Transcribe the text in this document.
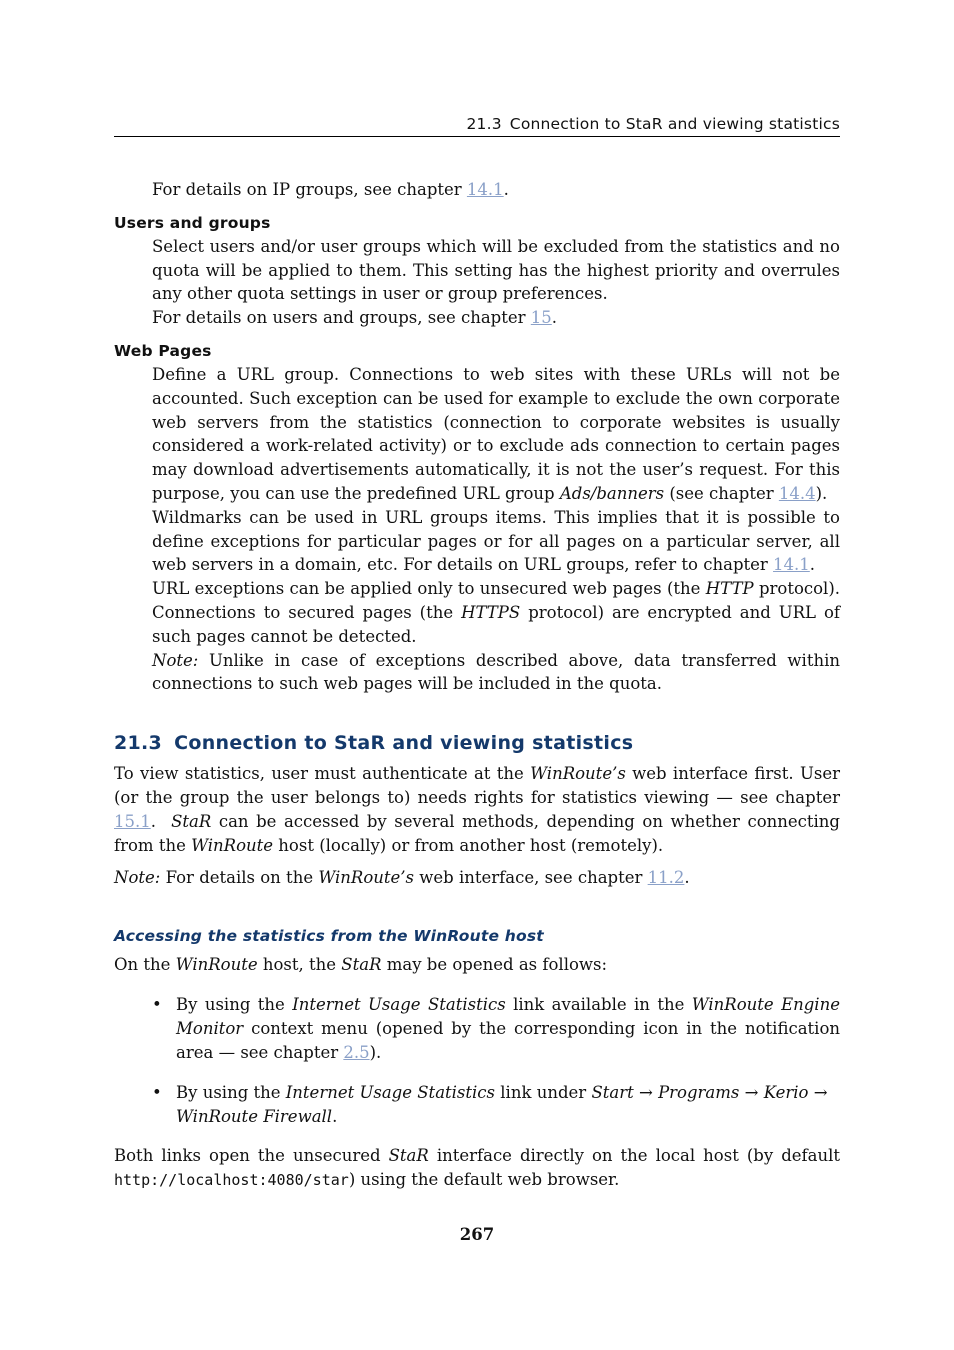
21.3 Connection to StaR and viewing statistics

For details on IP groups, see chapter 14.1.

Users and groups

Select users and/or user groups which will be excluded from the statistics and no quota will be applied to them. This setting has the highest priority and overrules any other quota settings in user or group preferences.

For details on users and groups, see chapter 15.

Web Pages

Define a URL group. Connections to web sites with these URLs will not be accounted. Such exception can be used for example to exclude the own corporate web servers from the statistics (connection to corporate websites is usually considered a work-related activity) or to exclude ads connection to certain pages may download advertisements automatically, it is not the user’s request. For this purpose, you can use the predefined URL group Ads/banners (see chapter 14.4).

Wildmarks can be used in URL groups items. This implies that it is possible to define exceptions for particular pages or for all pages on a particular server, all web servers in a domain, etc. For details on URL groups, refer to chapter 14.1.

URL exceptions can be applied only to unsecured web pages (the HTTP protocol). Connections to secured pages (the HTTPS protocol) are encrypted and URL of such pages cannot be detected.

Note: Unlike in case of exceptions described above, data transferred within connections to such web pages will be included in the quota.

21.3 Connection to StaR and viewing statistics

To view statistics, user must authenticate at the WinRoute’s web interface first. User (or the group the user belongs to) needs rights for statistics viewing — see chapter 15.1. StaR can be accessed by several methods, depending on whether connecting from the WinRoute host (locally) or from another host (remotely).

Note: For details on the WinRoute’s web interface, see chapter 11.2.

Accessing the statistics from the WinRoute host

On the WinRoute host, the StaR may be opened as follows:

• By using the Internet Usage Statistics link available in the WinRoute Engine Monitor context menu (opened by the corresponding icon in the notification area — see chapter 2.5).

• By using the Internet Usage Statistics link under Start → Programs → Kerio → WinRoute Firewall.

Both links open the unsecured StaR interface directly on the local host (by default http://localhost:4080/star) using the default web browser.

267
